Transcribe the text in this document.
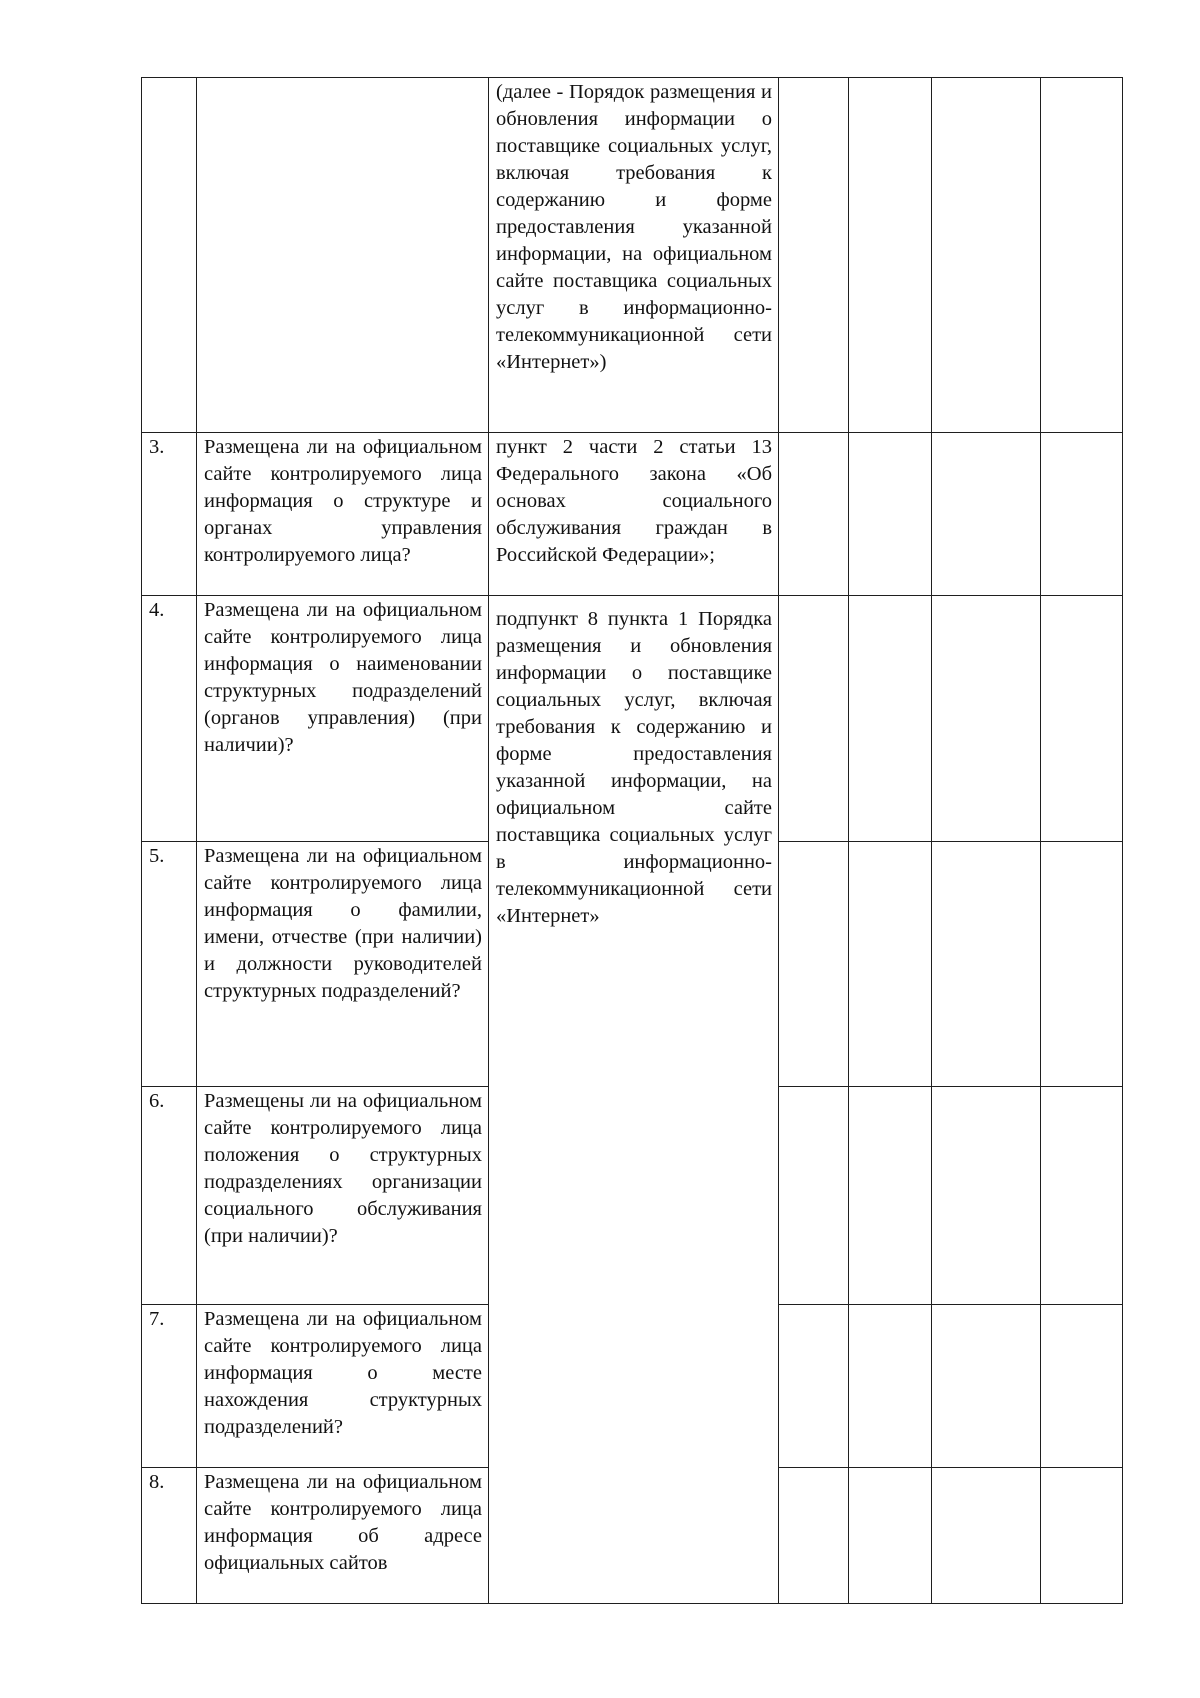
		(далее - Порядок размещения и обновления информации о поставщике социальных услуг, включая требования к содержанию и форме предоставления указанной информации, на официальном сайте поставщика социальных услуг в информационно-телекоммуникационной сети «Интернет»)				
3.	Размещена ли на официальном сайте контролируемого лица информация о структуре и органах управления контролируемого лица?	пункт 2 части 2 статьи 13 Федерального закона «Об основах социального обслуживания граждан в Российской Федерации»;				
4.	Размещена ли на официальном сайте контролируемого лица информация о наименовании структурных подразделений (органов управления) (при наличии)?	подпункт 8 пункта 1 Порядка размещения и обновления информации о поставщике социальных услуг, включая требования к содержанию и форме предоставления указанной информации, на официальном сайте поставщика социальных услуг в информационно-телекоммуникационной сети «Интернет»				

5.	Размещена ли на официальном сайте контролируемого лица информация о фамилии, имени, отчестве (при наличии) и должности руководителей структурных подразделений?					
6.	Размещены ли на официальном сайте контролируемого лица положения о структурных подразделениях организации социального обслуживания (при наличии)?					
7.	Размещена ли на официальном сайте контролируемого лица информация о месте нахождения структурных подразделений?					
8.	Размещена ли на официальном сайте контролируемого лица информация об адресе официальных сайтов					
